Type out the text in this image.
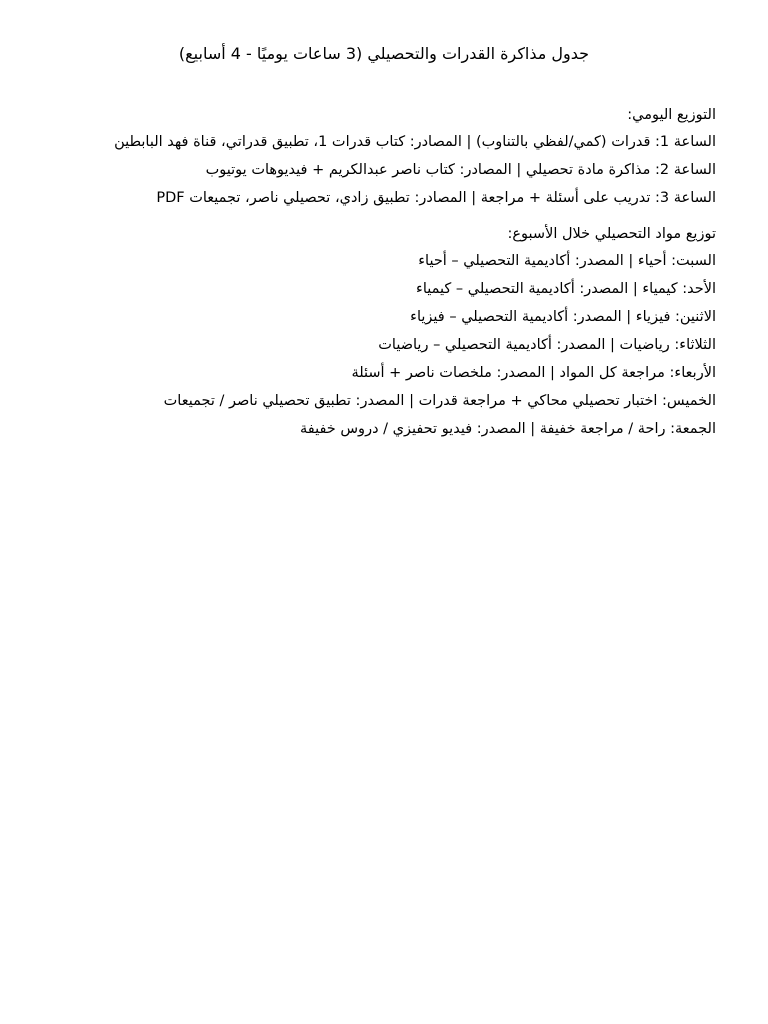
جدول مذاكرة القدرات والتحصيلي (3 ساعات يوميًا - 4 أسابيع)

التوزيع اليومي:

الساعة 1: قدرات (كمي/لفظي بالتناوب) | المصادر: كتاب قدرات 1، تطبيق قدراتي، قناة فهد البابطين

الساعة 2: مذاكرة مادة تحصيلي | المصادر: كتاب ناصر عبدالكريم + فيديوهات يوتيوب

الساعة 3: تدريب على أسئلة + مراجعة | المصادر: تطبيق زادي، تحصيلي ناصر، تجميعات PDF

توزيع مواد التحصيلي خلال الأسبوع:

السبت: أحياء | المصدر: أكاديمية التحصيلي – أحياء

الأحد: كيمياء | المصدر: أكاديمية التحصيلي – كيمياء

الاثنين: فيزياء | المصدر: أكاديمية التحصيلي – فيزياء

الثلاثاء: رياضيات | المصدر: أكاديمية التحصيلي – رياضيات

الأربعاء: مراجعة كل المواد | المصدر: ملخصات ناصر + أسئلة

الخميس: اختبار تحصيلي محاكي + مراجعة قدرات | المصدر: تطبيق تحصيلي ناصر / تجميعات

الجمعة: راحة / مراجعة خفيفة | المصدر: فيديو تحفيزي / دروس خفيفة
